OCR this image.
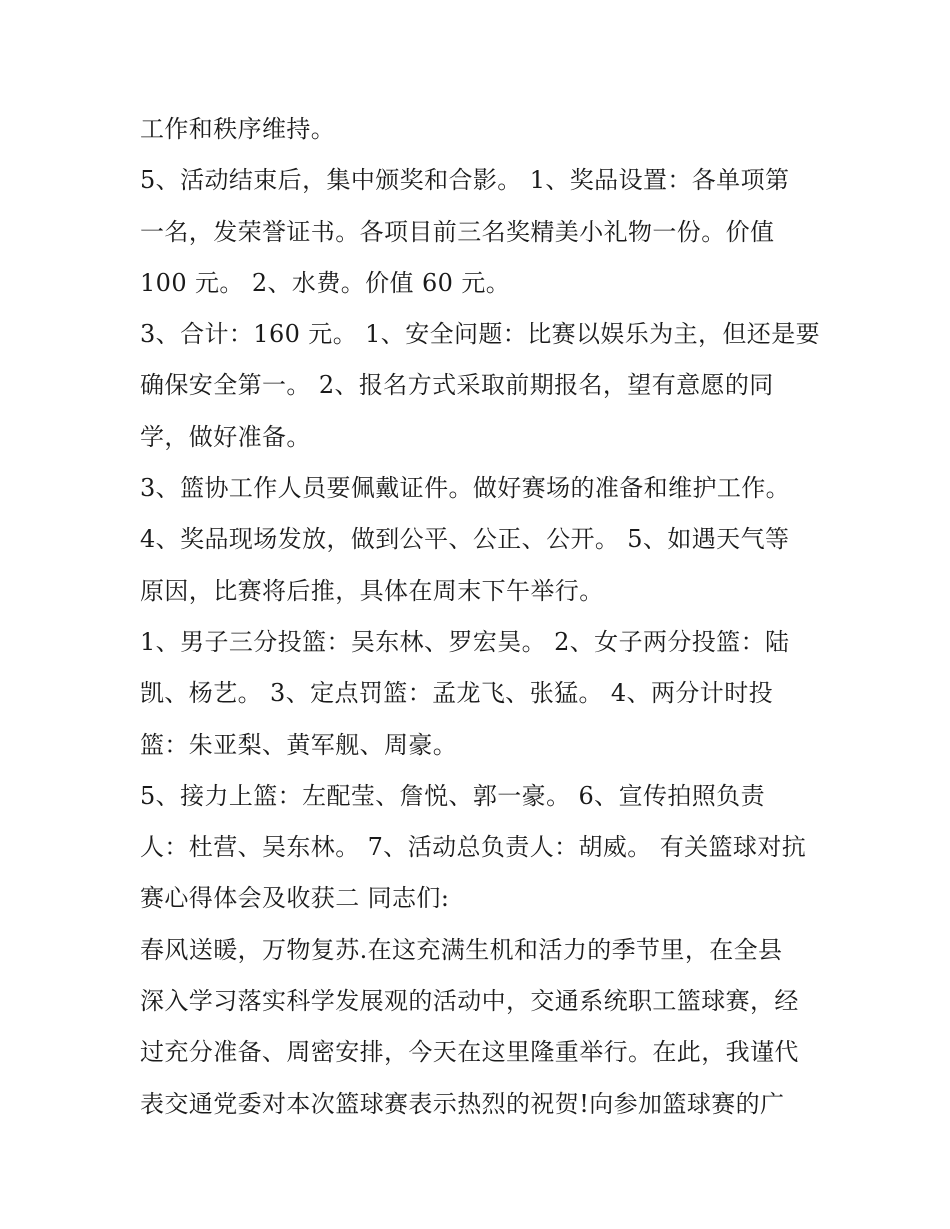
工作和秩序维持。
5、活动结束后，集中颁奖和合影。 1、奖品设置：各单项第
一名，发荣誉证书。各项目前三名奖精美小礼物一份。价值
100 元。 2、水费。价值 60 元。
3、合计：160 元。 1、安全问题：比赛以娱乐为主，但还是要
确保安全第一。 2、报名方式采取前期报名，望有意愿的同
学，做好准备。
3、篮协工作人员要佩戴证件。做好赛场的准备和维护工作。
4、奖品现场发放，做到公平、公正、公开。 5、如遇天气等
原因，比赛将后推，具体在周末下午举行。
1、男子三分投篮：吴东林、罗宏昊。 2、女子两分投篮：陆
凯、杨艺。 3、定点罚篮：孟龙飞、张猛。 4、两分计时投
篮：朱亚梨、黄军舰、周豪。
5、接力上篮：左配莹、詹悦、郭一豪。 6、宣传拍照负责
人：杜营、吴东林。 7、活动总负责人：胡威。 有关篮球对抗
赛心得体会及收获二 同志们:
春风送暖，万物复苏.在这充满生机和活力的季节里，在全县
深入学习落实科学发展观的活动中，交通系统职工篮球赛，经
过充分准备、周密安排，今天在这里隆重举行。在此，我谨代
表交通党委对本次篮球赛表示热烈的祝贺!向参加篮球赛的广
